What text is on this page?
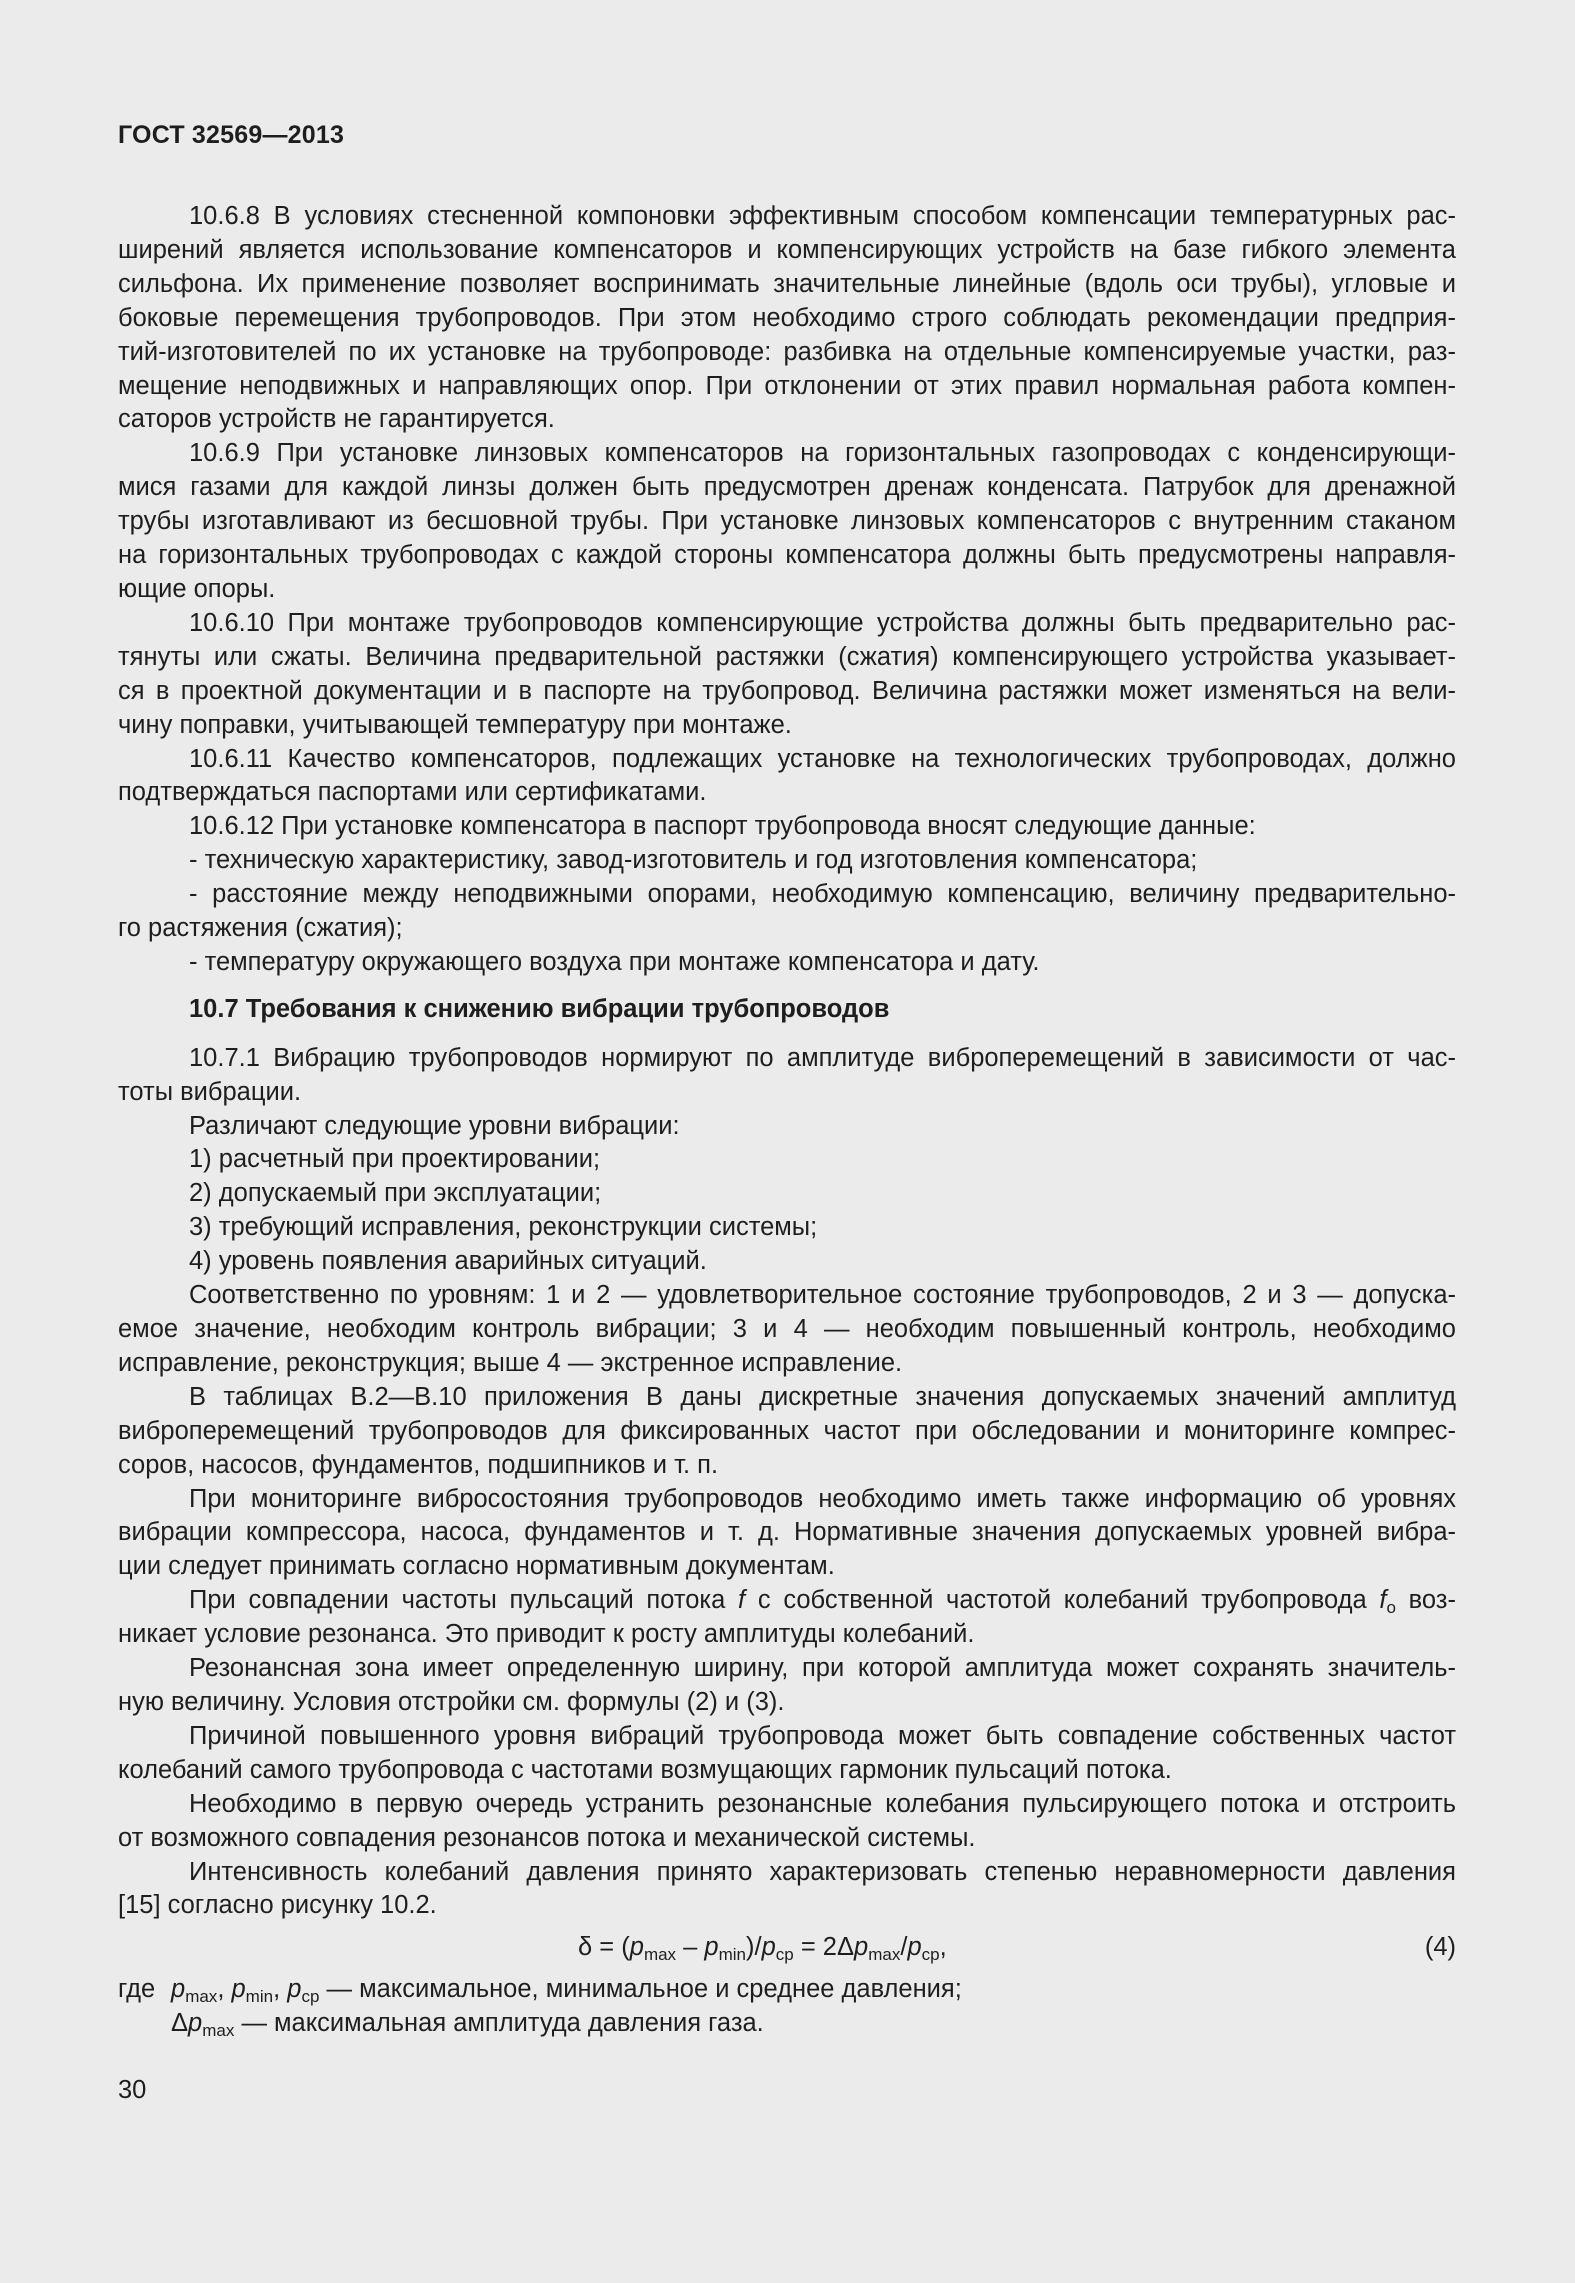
ГОСТ 32569—2013

10.6.8 В условиях стесненной компоновки эффективным способом компенсации температурных рас-

ширений является использование компенсаторов и компенсирующих устройств на базе гибкого элемента

сильфона. Их применение позволяет воспринимать значительные линейные (вдоль оси трубы), угловые и

боковые перемещения трубопроводов. При этом необходимо строго соблюдать рекомендации предприя-

тий-изготовителей по их установке на трубопроводе: разбивка на отдельные компенсируемые участки, раз-

мещение неподвижных и направляющих опор. При отклонении от этих правил нормальная работа компен-

саторов устройств не гарантируется.

10.6.9 При установке линзовых компенсаторов на горизонтальных газопроводах с конденсирующи-

мися газами для каждой линзы должен быть предусмотрен дренаж конденсата. Патрубок для дренажной

трубы изготавливают из бесшовной трубы. При установке линзовых компенсаторов с внутренним стаканом

на горизонтальных трубопроводах с каждой стороны компенсатора должны быть предусмотрены направля-

ющие опоры.

10.6.10 При монтаже трубопроводов компенсирующие устройства должны быть предварительно рас-

тянуты или сжаты. Величина предварительной растяжки (сжатия) компенсирующего устройства указывает-

ся в проектной документации и в паспорте на трубопровод. Величина растяжки может изменяться на вели-

чину поправки, учитывающей температуру при монтаже.

10.6.11 Качество компенсаторов, подлежащих установке на технологических трубопроводах, должно

подтверждаться паспортами или сертификатами.

10.6.12 При установке компенсатора в паспорт трубопровода вносят следующие данные:

- техническую характеристику, завод-изготовитель и год изготовления компенсатора;

- расстояние между неподвижными опорами, необходимую компенсацию, величину предварительно-

го растяжения (сжатия);

- температуру окружающего воздуха при монтаже компенсатора и дату.

10.7 Требования к снижению вибрации трубопроводов

10.7.1 Вибрацию трубопроводов нормируют по амплитуде виброперемещений в зависимости от час-

тоты вибрации.

Различают следующие уровни вибрации:

1) расчетный при проектировании;

2) допускаемый при эксплуатации;

3) требующий исправления, реконструкции системы;

4) уровень появления аварийных ситуаций.

Соответственно по уровням: 1 и 2 — удовлетворительное состояние трубопроводов, 2 и 3 — допуска-

емое значение, необходим контроль вибрации; 3 и 4 — необходим повышенный контроль, необходимо

исправление, реконструкция; выше 4 — экстренное исправление.

В таблицах В.2—В.10 приложения В даны дискретные значения допускаемых значений амплитуд

виброперемещений трубопроводов для фиксированных частот при обследовании и мониторинге компрес-

соров, насосов, фундаментов, подшипников и т. п.

При мониторинге вибросостояния трубопроводов необходимо иметь также информацию об уровнях

вибрации компрессора, насоса, фундаментов и т. д. Нормативные значения допускаемых уровней вибра-

ции следует принимать согласно нормативным документам.

При совпадении частоты пульсаций потока f с собственной частотой колебаний трубопровода $f_o$ воз-

никает условие резонанса. Это приводит к росту амплитуды колебаний.

Резонансная зона имеет определенную ширину, при которой амплитуда может сохранять значитель-

ную величину. Условия отстройки см. формулы (2) и (3).

Причиной повышенного уровня вибраций трубопровода может быть совпадение собственных частот

колебаний самого трубопровода с частотами возмущающих гармоник пульсаций потока.

Необходимо в первую очередь устранить резонансные колебания пульсирующего потока и отстроить

от возможного совпадения резонансов потока и механической системы.

Интенсивность колебаний давления принято характеризовать степенью неравномерности давления

[15] согласно рисунку 10.2.

$\delta = (p_{max} - p_{min})/p_{ср} = 2\Delta p_{max}/p_{ср}$,	(4)

где $p_{max}$, $p_{min}$, $p_{ср}$ — максимальное, минимальное и среднее давления;

$\Delta p_{max}$ — максимальная амплитуда давления газа.

30
